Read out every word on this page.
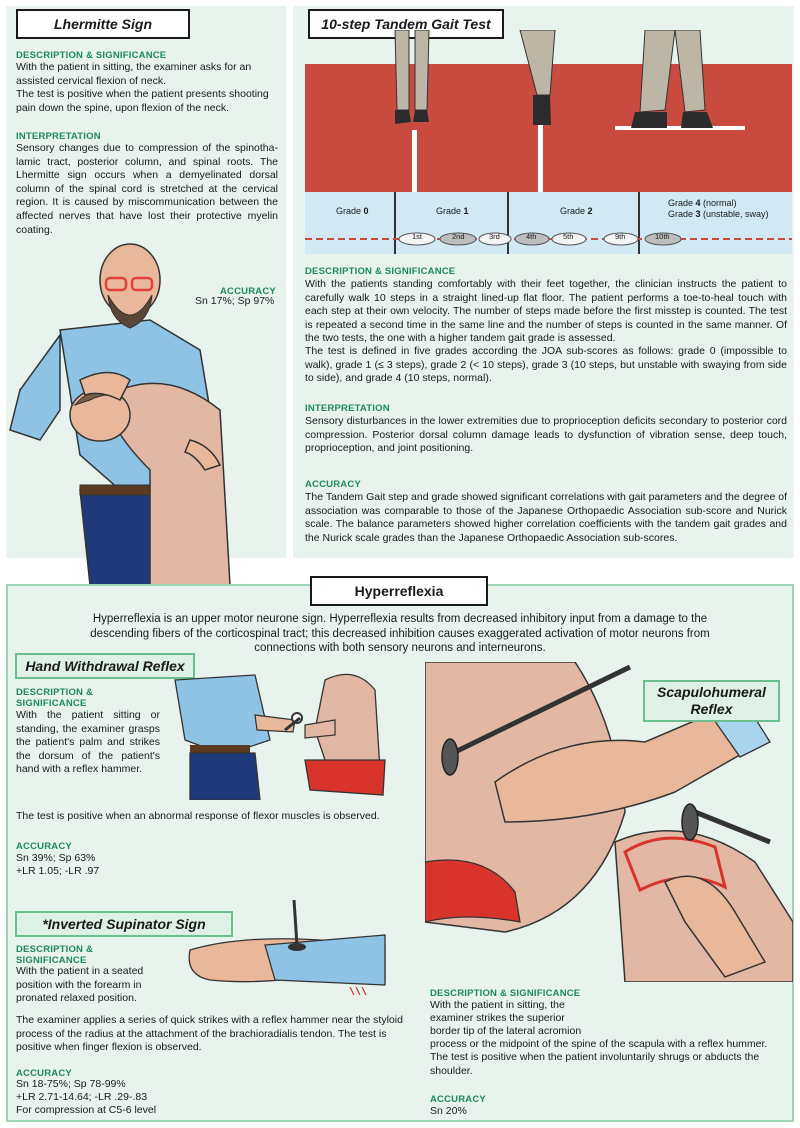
Lhermitte Sign
DESCRIPTION & SIGNIFICANCE
With the patient in sitting, the examiner asks for an assisted cervical flexion of neck.
The test is positive when the patient presents shooting pain down the spine, upon flexion of the neck.
INTERPRETATION
Sensory changes due to compression of the spinotha-lamic tract, posterior column, and spinal roots. The Lhermitte sign occurs when a demyelinated dorsal column of the spinal cord is stretched at the cervical region. It is caused by miscommunication between the affected nerves that have lost their protective myelin coating.
ACCURACY
Sn 17%; Sp 97%
10-step Tandem Gait Test
Grade 0	Grade 1	Grade 2
Grade 4 (normal)
Grade 3 (unstable, sway)
1st	2nd	3rd	4th	5th	9th	10th
DESCRIPTION & SIGNIFICANCE
With the patients standing comfortably with their feet together, the clinician instructs the patient to carefully walk 10 steps in a straight lined-up flat floor. The patient performs a toe-to-heal touch with each step at their own velocity. The number of steps made before the first misstep is counted. The test is repeated a second time in the same line and the number of steps is counted in the same manner. Of the two tests, the one with a higher tandem gait grade is assessed.
The test is defined in five grades according the JOA sub-scores as follows: grade 0 (impossible to walk), grade 1 (≤ 3 steps), grade 2 (< 10 steps), grade 3 (10 steps, but unstable with swaying from side to side), and grade 4 (10 steps, normal).
INTERPRETATION
Sensory disturbances in the lower extremities due to proprioception deficits secondary to posterior cord compression. Posterior dorsal column damage leads to dysfunction of vibration sense, deep touch, proprioception, and joint positioning.
ACCURACY
The Tandem Gait step and grade showed significant correlations with gait parameters and the degree of association was comparable to those of the Japanese Orthopaedic Association sub-score and Nurick scale. The balance parameters showed higher correlation coefficients with the tandem gait grades and the Nurick scale grades than the Japanese Orthopaedic Association sub-scores.
Hyperreflexia
Hyperreflexia is an upper motor neurone sign. Hyperreflexia results from decreased inhibitory input from a damage to the descending fibers of the corticospinal tract; this decreased inhibition causes exaggerated activation of motor neurons from connections with both sensory neurons and interneurons.
Hand Withdrawal Reflex
DESCRIPTION &
SIGNIFICANCE
With the patient sitting or standing, the examiner grasps the patient's palm and strikes the dorsum of the patient's hand with a reflex hammer.
The test is positive when an abnormal response of flexor muscles is observed.
ACCURACY
Sn 39%; Sp 63%
+LR 1.05; -LR .97
*Inverted Supinator Sign
DESCRIPTION &
SIGNIFICANCE
With the patient in a seated position with the forearm in pronated relaxed position.
The examiner applies a series of quick strikes with a reflex hammer near the styloid process of the radius at the attachment of the brachioradialis tendon. The test is positive when finger flexion is observed.
ACCURACY
Sn 18-75%; Sp 78-99%
+LR 2.71-14.64; -LR .29-.83
For compression at C5-6 level
Scapulohumeral
Reflex
DESCRIPTION & SIGNIFICANCE
With the patient in sitting, the
examiner strikes the superior
border tip of the lateral acromion
process or the midpoint of the spine of the scapula with a reflex hummer.
The test is positive when the patient involuntarily shrugs or abducts the shoulder.
ACCURACY
Sn 20%
